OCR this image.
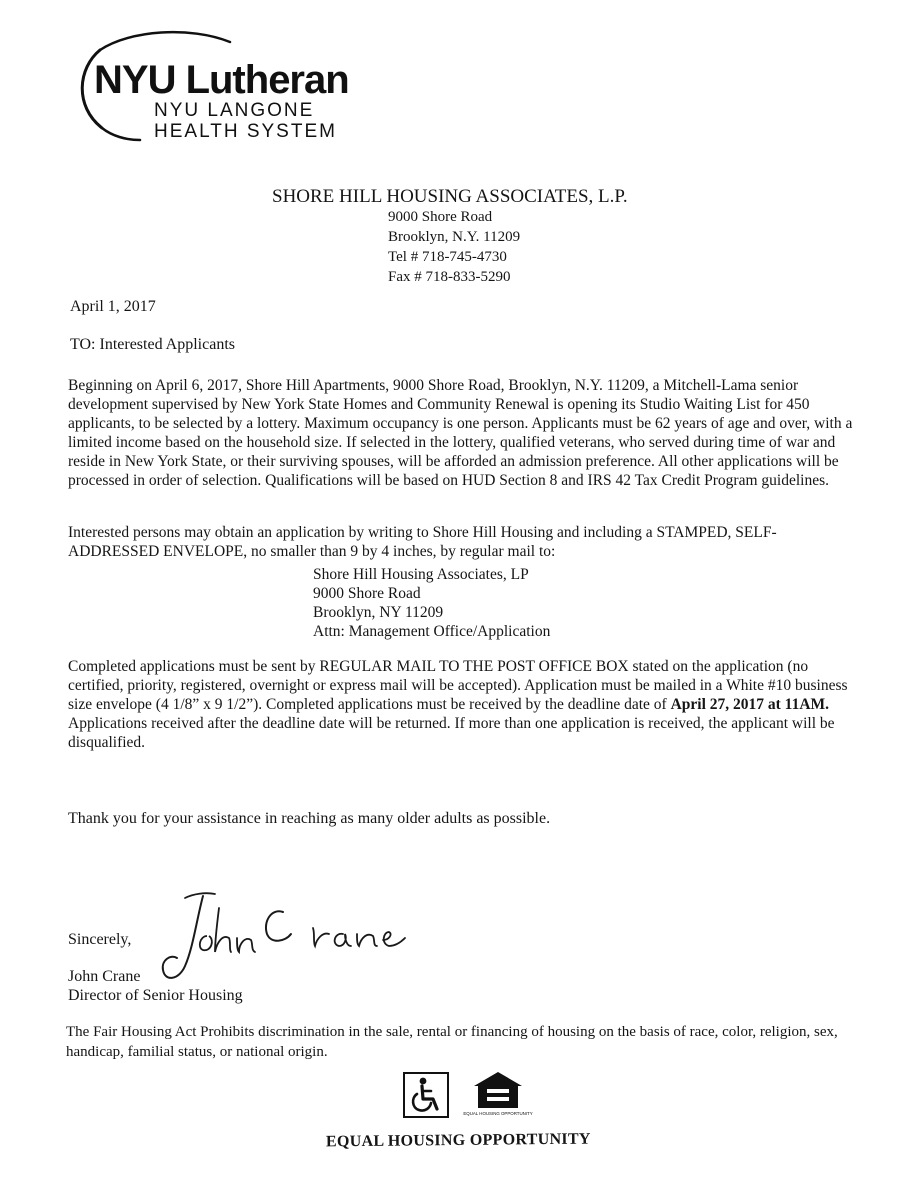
NYU Lutheran
NYU LANGONE
HEALTH SYSTEM
SHORE HILL HOUSING ASSOCIATES, L.P.
9000 Shore Road
Brooklyn, N.Y. 11209
Tel # 718-745-4730
Fax # 718-833-5290
April 1, 2017
TO: Interested Applicants

Beginning on April 6, 2017, Shore Hill Apartments, 9000 Shore Road, Brooklyn, N.Y. 11209, a Mitchell-Lama senior development supervised by New York State Homes and Community Renewal is opening its Studio Waiting List for 450 applicants, to be selected by a lottery. Maximum occupancy is one person. Applicants must be 62 years of age and over, with a limited income based on the household size. If selected in the lottery, qualified veterans, who served during time of war and reside in New York State, or their surviving spouses, will be afforded an admission preference. All other applications will be processed in order of selection. Qualifications will be based on HUD Section 8 and IRS 42 Tax Credit Program guidelines.

Interested persons may obtain an application by writing to Shore Hill Housing and including a STAMPED, SELF-ADDRESSED ENVELOPE, no smaller than 9 by 4 inches, by regular mail to:

Shore Hill Housing Associates, LP
9000 Shore Road
Brooklyn, NY 11209
Attn: Management Office/Application

Completed applications must be sent by REGULAR MAIL TO THE POST OFFICE BOX stated on the application (no certified, priority, registered, overnight or express mail will be accepted). Application must be mailed in a White #10 business size envelope (4 1/8” x 9 1/2”). Completed applications must be received by the deadline date of April 27, 2017 at 11AM. Applications received after the deadline date will be returned. If more than one application is received, the applicant will be disqualified.

Thank you for your assistance in reaching as many older adults as possible.
Sincerely,
John Crane
Director of Senior Housing

The Fair Housing Act Prohibits discrimination in the sale, rental or financing of housing on the basis of race, color, religion, sex, handicap, familial status, or national origin.

EQUAL HOUSING OPPORTUNITY
EQUAL HOUSING OPPORTUNITY
